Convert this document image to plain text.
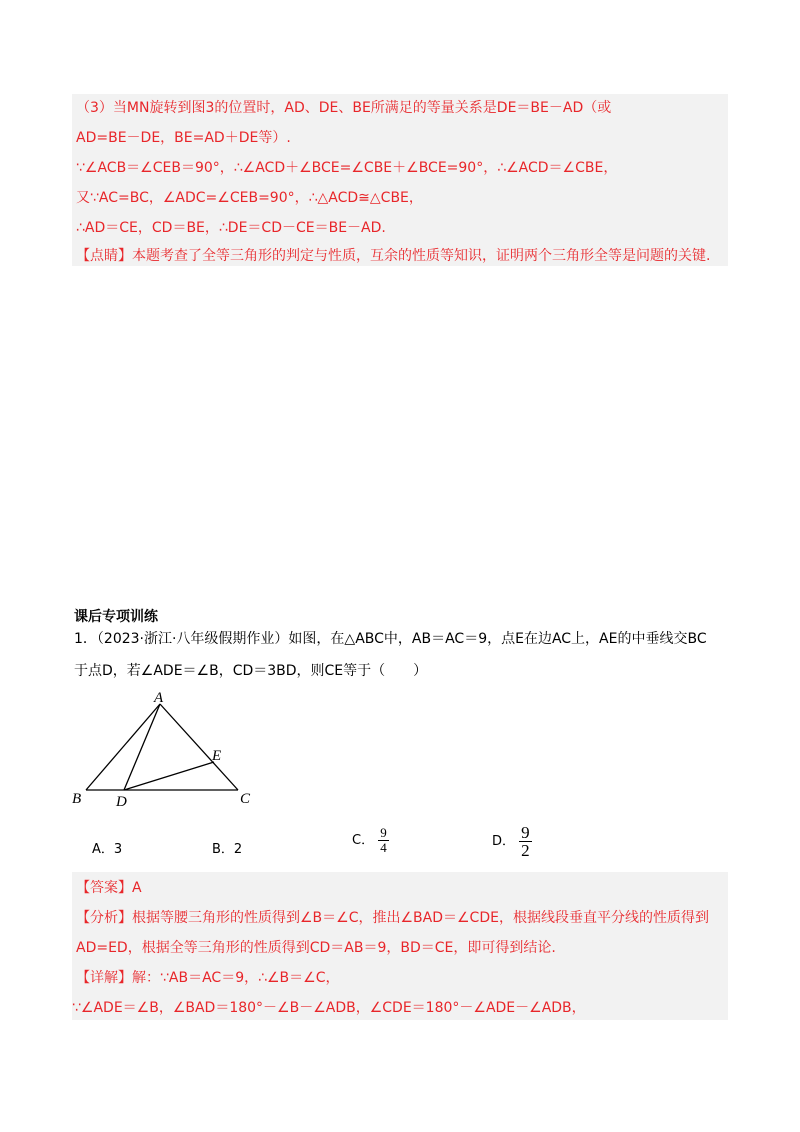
（3）当MN旋转到图3的位置时，AD、DE、BE所满足的等量关系是DE＝BE－AD（或
AD=BE－DE，BE=AD＋DE等）.
∵∠ACB＝∠CEB＝90°，∴∠ACD＋∠BCE=∠CBE＋∠BCE=90°，∴∠ACD＝∠CBE，
又∵AC=BC，∠ADC=∠CEB=90°，∴△ACD≅△CBE，
∴AD＝CE，CD＝BE，∴DE＝CD－CE＝BE－AD.
【点睛】本题考查了全等三角形的判定与性质，互余的性质等知识，证明两个三角形全等是问题的关键.
课后专项训练
1．（2023·浙江·八年级假期作业）如图，在△ABC中，AB＝AC＝9，点E在边AC上，AE的中垂线交BC
于点D，若∠ADE＝∠B，CD＝3BD，则CE等于（　　）
A
B	C
D
E
A．3	B．2
C． $\frac{9}{4}$	D． $\frac{9}{2}$
【答案】A
【分析】根据等腰三角形的性质得到∠B＝∠C，推出∠BAD＝∠CDE，根据线段垂直平分线的性质得到
AD=ED，根据全等三角形的性质得到CD＝AB＝9，BD＝CE，即可得到结论.
【详解】解：∵AB＝AC＝9，∴∠B＝∠C，
∵∠ADE＝∠B，∠BAD＝180°－∠B－∠ADB，∠CDE＝180°－∠ADE－∠ADB，
